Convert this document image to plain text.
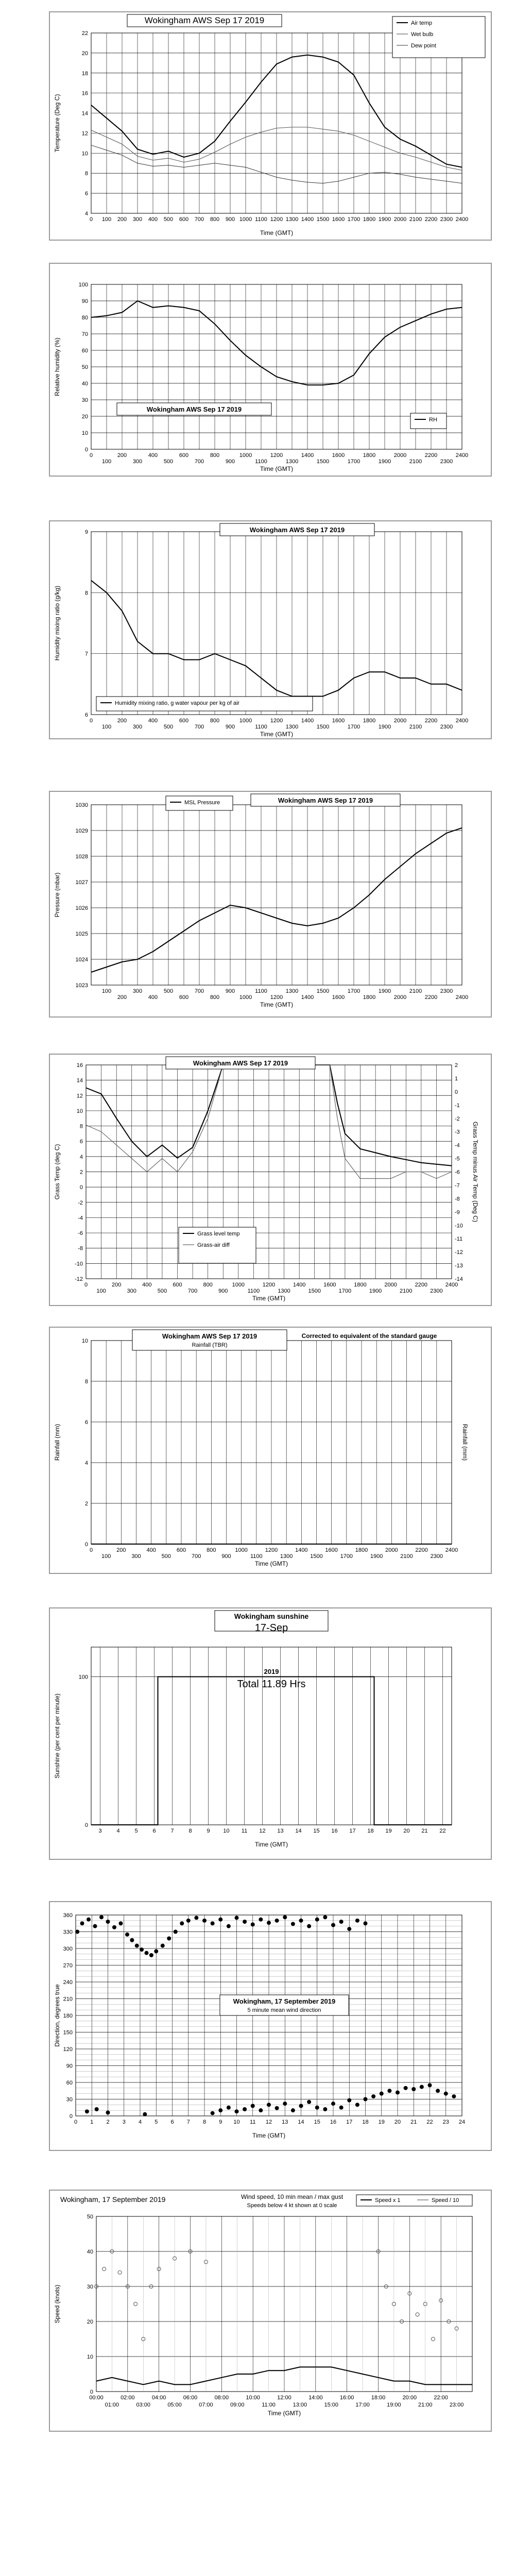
4
6
8
10
12
14
16
18
20
22
0 100 200 300 400 500 600 700 800 900 1000 1100 1200 1300 1400 1500 1600 1700 1800 1900 2000 2100 2200 2300 2400
Time (GMT)
Temperature (Deg C)
Wokingham AWS Sep 17 2019	Air temp
Wet bulb
Dew point
0
10
20
30
40
50
60
70
80
90
100
0
100
200
300
400
500
600
700
800
900
1000
1100
1200
1300
1400
1500
1600
1700
1800
1900
2000
2100
2200
2300
2400
Time (GMT)
Relative humidity (%)
Wokingham AWS Sep 17 2019
RH
6
7
8
9
0
100
200
300
400
500
600
700
800
900
1000
1100
1200
1300
1400
1500
1600
1700
1800
1900
2000
2100
2200
2300
2400
Time (GMT)
Humidity mixing ratio (g/kg)
Wokingham AWS Sep 17 2019
Humidity mixing ratio, g water vapour per kg of air
1023
1024
1025
1026
1027
1028
1029
1030
100
200
300
400
500
600
700
800
900
1000
1100
1200
1300
1400
1500
1600
1700
1800
1900
2000
2100
2200
2300
2400
Time (GMT)
Pressure (mbar)
Wokingham AWS Sep 17 2019
MSL Pressure
-12
-10
-8
-6
-4
-2
0
2
4
6
8
10
12
14
16
0
100
200
300
400
500
600
700
800
900
1000
1100
1200
1300
1400
1500
1600
1700
1800
1900
2000
2100
2200
2300
2400
-14
-13
-12
-11
-10
-9
-8
-7
-6
-5
-4
-3
-2
-1
0
1
2
Time (GMT)
Grass Temp (deg C)	Grass Temp minus Air Temp (Deg C)
Wokingham AWS Sep 17 2019
Grass level temp
Grass-air diff
0
2
4
6
8
10
0
100
200
300
400
500
600
700
800
900
1000
1100
1200
1300
1400
1500
1600
1700
1800
1900
2000
2100
2200
2300
2400
Time (GMT)
Rainfall (mm)	Rainfall (mm)
Wokingham AWS Sep 17 2019
Rainfall (TBR)
Corrected to equivalent of the standard gauge
0
100
3	4	5	6	7	8	9 10 11 12 13 14 15 16 17 18 19 20 21 22
Time (GMT)
Sunshine (per cent per minute)
Wokingham sunshine
17-Sep
2019
Total 11.89 Hrs
0
30
60
90
120
150
180
210
240
270
300
330
360
0 1 2 3 4 5 6 7 8 9 10 11 12 13 14 15 16 17 18 19 20 21 22 23 24
Time (GMT)
Direction, degrees true	Wokingham, 17 September 2019
5 minute mean wind direction
0
10
20
30
40
50
00:00	02:00	04:00	06:00	08:00	10:00	12:00	14:00	16:00	18:00	20:00	22:00
01:00	03:00	05:00	07:00	09:00	11:00	13:00	15:00	17:00	19:00	21:00	23:00
Time (GMT)
Speed (knots)
Wokingham, 17 September 2019	Wind speed, 10 min mean / max gust
Speeds below 4 kt shown at 0 scale
Speed x 1	Speed / 10
